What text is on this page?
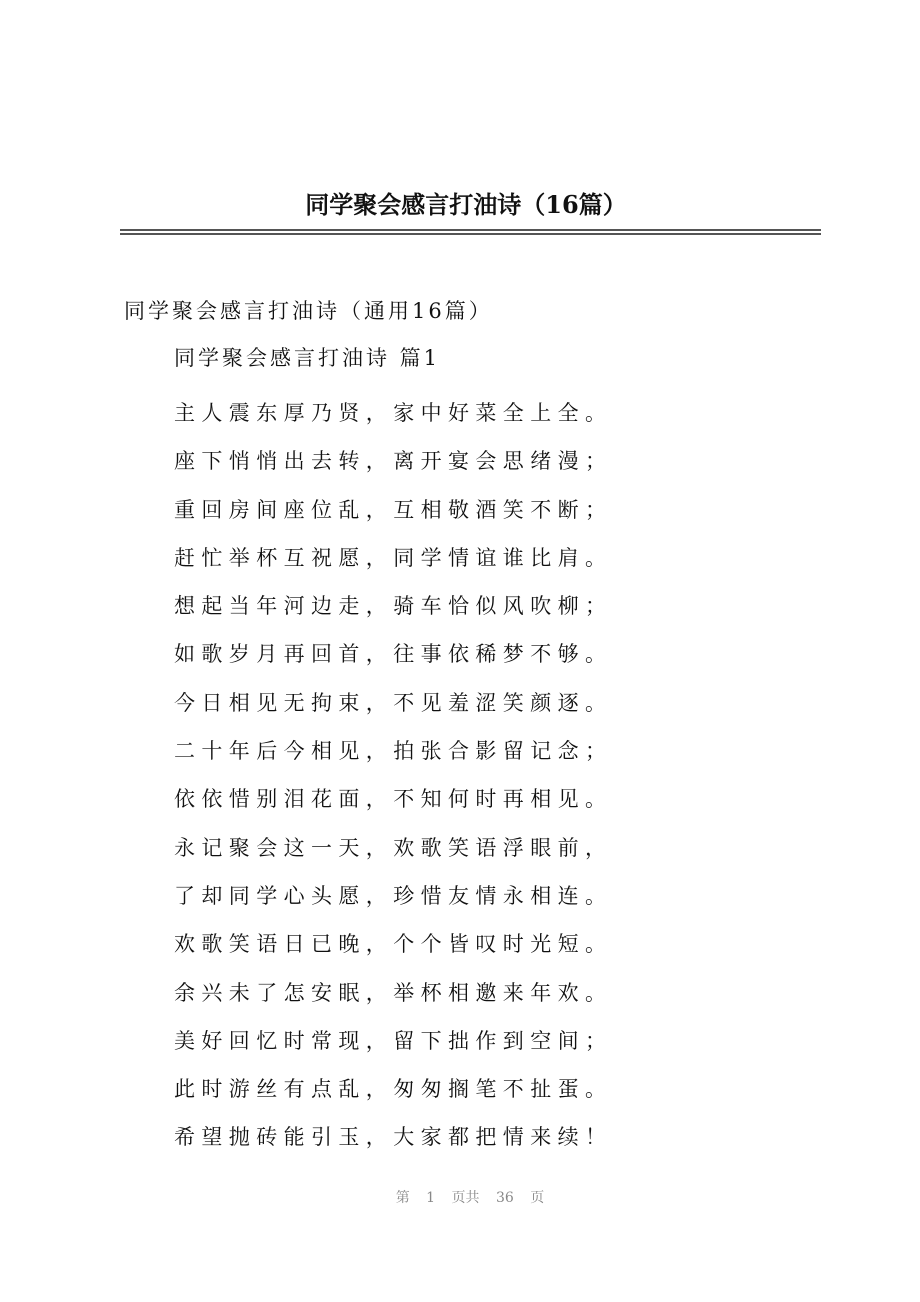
同学聚会感言打油诗（16篇）
同学聚会感言打油诗（通用16篇）
同学聚会感言打油诗 篇1
主人震东厚乃贤，家中好菜全上全。
座下悄悄出去转，离开宴会思绪漫；
重回房间座位乱，互相敬酒笑不断；
赶忙举杯互祝愿，同学情谊谁比肩。
想起当年河边走，骑车恰似风吹柳；
如歌岁月再回首，往事依稀梦不够。
今日相见无拘束，不见羞涩笑颜逐。
二十年后今相见，拍张合影留记念；
依依惜别泪花面，不知何时再相见。
永记聚会这一天，欢歌笑语浮眼前，
了却同学心头愿，珍惜友情永相连。
欢歌笑语日已晚，个个皆叹时光短。
余兴未了怎安眠，举杯相邀来年欢。
美好回忆时常现，留下拙作到空间；
此时游丝有点乱，匆匆搁笔不扯蛋。
希望抛砖能引玉，大家都把情来续！
第 1 页共 36 页
